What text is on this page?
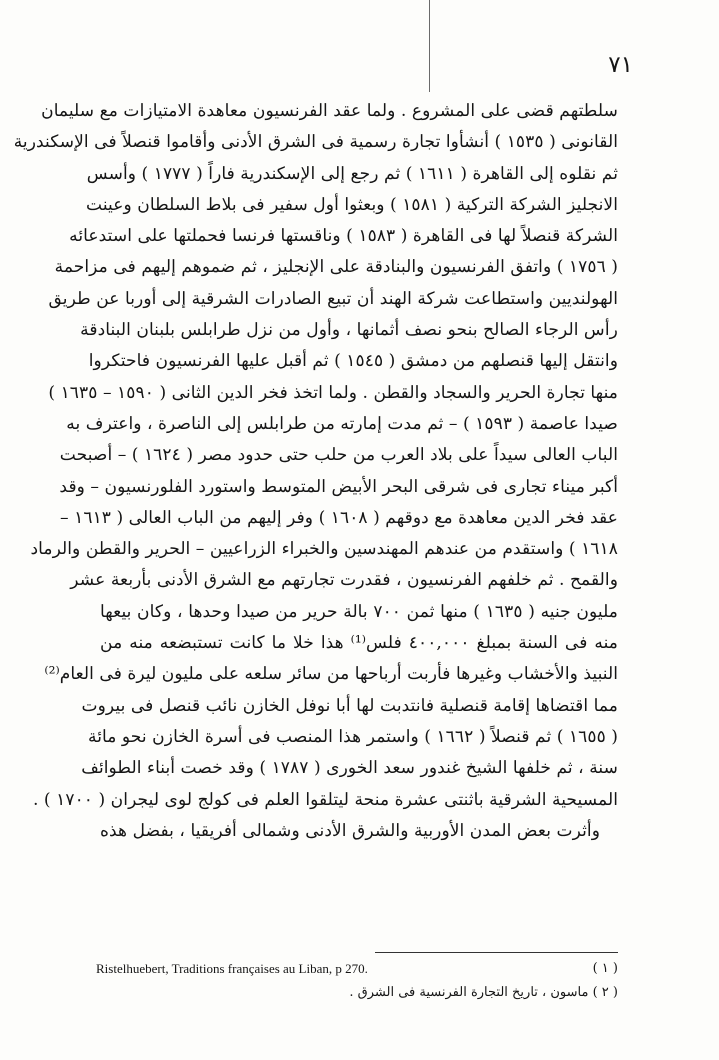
٧١
سلطتهم قضى على المشروع . ولما عقد الفرنسيون معاهدة الامتيازات مع سليمان
القانونى ( ١٥٣٥ ) أنشأوا تجارة رسمية فى الشرق الأدنى وأقاموا قنصلاً فى الإسكندرية
ثم نقلوه إلى القاهرة ( ١٦١١ ) ثم رجع إلى الإسكندرية فاراً ( ١٧٧٧ ) وأسس
الانجليز الشركة التركية ( ١٥٨١ ) وبعثوا أول سفير فى بلاط السلطان وعينت
الشركة قنصلاً لها فى القاهرة ( ١٥٨٣ ) وناقستها فرنسا فحملتها على استدعائه
( ١٧٥٦ ) واتفق الفرنسيون والبنادقة على الإنجليز ، ثم ضموهم إليهم فى مزاحمة
الهولنديين واستطاعت شركة الهند أن تبيع الصادرات الشرقية إلى أوربا عن طريق
رأس الرجاء الصالح بنحو نصف أثمانها ، وأول من نزل طرابلس بلبنان البنادقة
وانتقل إليها قنصلهم من دمشق ( ١٥٤٥ ) ثم أقبل عليها الفرنسيون فاحتكروا
منها تجارة الحرير والسجاد والقطن . ولما اتخذ فخر الدين الثانى ( ١٥٩٠ – ١٦٣٥ )
صيدا عاصمة ( ١٥٩٣ ) – ثم مدت إمارته من طرابلس إلى الناصرة ، واعترف به
الباب العالى سيداً على بلاد العرب من حلب حتى حدود مصر ( ١٦٢٤ ) – أصبحت
أكبر ميناء تجارى فى شرقى البحر الأبيض المتوسط واستورد الفلورنسيون – وقد
عقد فخر الدين معاهدة مع دوقهم ( ١٦٠٨ ) وفر إليهم من الباب العالى ( ١٦١٣ –
١٦١٨ ) واستقدم من عندهم المهندسين والخبراء الزراعيين – الحرير والقطن والرماد
والقمح . ثم خلفهم الفرنسيون ، فقدرت تجارتهم مع الشرق الأدنى بأربعة عشر
مليون جنيه ( ١٦٣٥ ) منها ثمن ٧٠٠ بالة حرير من صيدا وحدها ، وكان بيعها
منه فى السنة بمبلغ ٤٠٠,٠٠٠ فلس⁽¹⁾ هذا خلا ما كانت تستبضعه منه من
النبيذ والأخشاب وغيرها فأربت أرباحها من سائر سلعه على مليون ليرة فى العام⁽²⁾
مما اقتضاها إقامة قنصلية فانتدبت لها أبا نوفل الخازن نائب قنصل فى بيروت
( ١٦٥٥ ) ثم قنصلاً ( ١٦٦٢ ) واستمر هذا المنصب فى أسرة الخازن نحو مائة
سنة ، ثم خلفها الشيخ غندور سعد الخورى ( ١٧٨٧ ) وقد خصت أبناء الطوائف
المسيحية الشرقية باثنتى عشرة منحة ليتلقوا العلم فى كولج لوى ليجران ( ١٧٠٠ ) .
وأثرت بعض المدن الأوربية والشرق الأدنى وشمالى أفريقيا ، بفضل هذه
Ristelhuebert, Traditions françaises au Liban, p 270.	( ١ )
( ٢ ) ماسون ، تاريخ التجارة الفرنسية فى الشرق .
